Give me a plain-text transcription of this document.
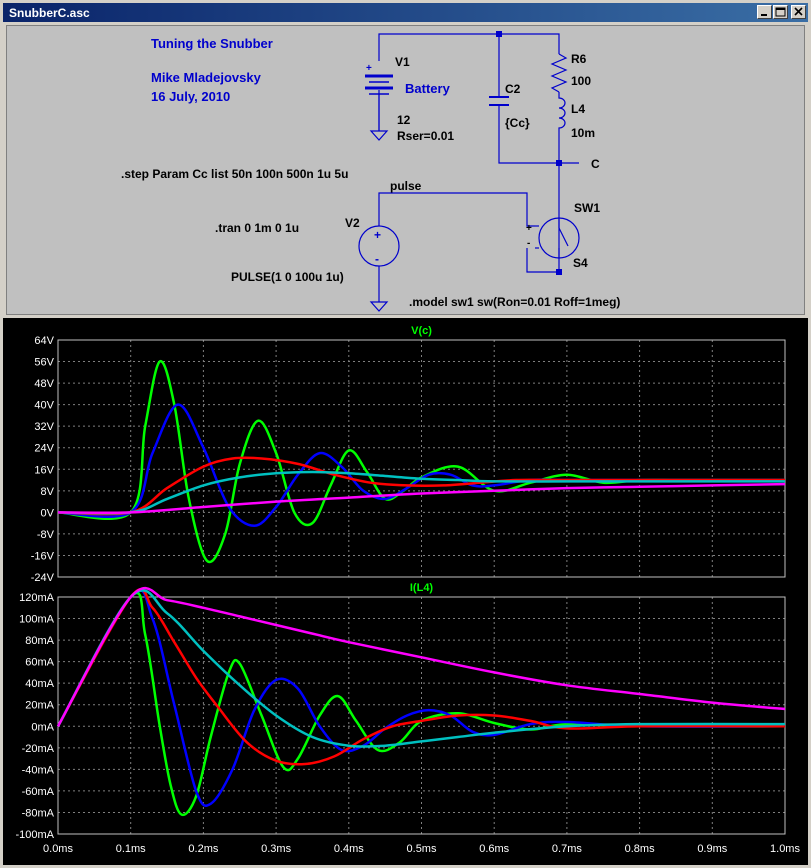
SnubberC.asc
+
+
-
+
-
Tuning the Snubber
Mike Mladejovsky
16 July, 2010
V1
Battery
12
Rser=0.01
C2
{Cc}
R6
100
L4
10m
C
.step Param Cc list 50n 100n 500n 1u 5u
pulse
SW1
S4
.tran 0 1m 0 1u	V2
PULSE(1 0 100u 1u)
.model sw1 sw(Ron=0.01 Roff=1meg)
64V
56V
48V
40V
32V
24V
16V
8V
0V
-8V
-16V
-24V
V(c)
120mA
100mA
80mA
60mA
40mA
20mA
0mA
-20mA
-40mA
-60mA
-80mA
-100mA
I(L4)
0.0ms	0.1ms	0.2ms	0.3ms	0.4ms	0.5ms	0.6ms	0.7ms	0.8ms	0.9ms	1.0ms
